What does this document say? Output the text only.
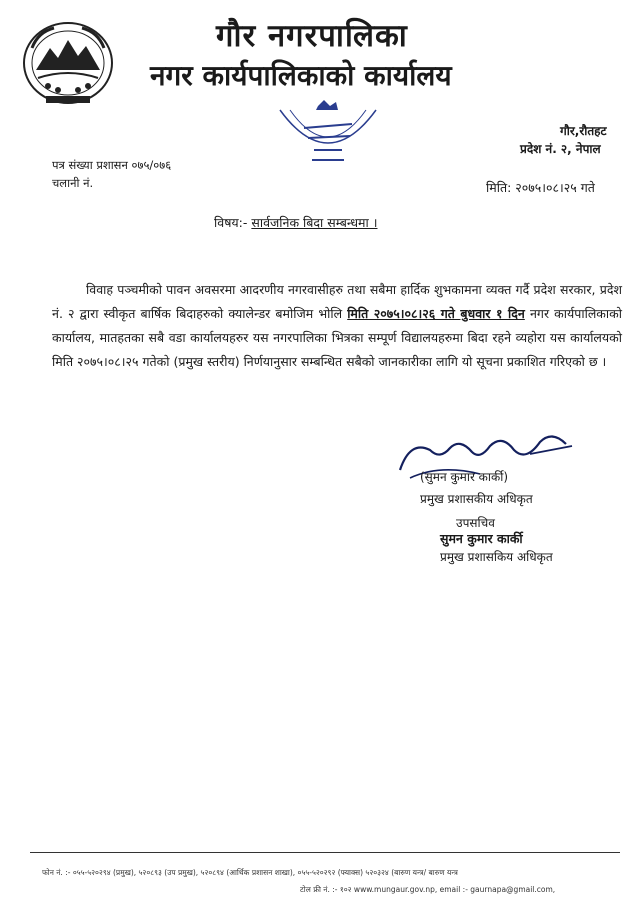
गौर नगरपालिका
नगर कार्यपालिकाको कार्यालय
गौर,रौतहट
प्रदेश नं. २, नेपाल
पत्र संख्या प्रशासन ०७५/०७६
चलानी नं.	मिति: २०७५।०८।२५ गते
विषय:- सार्वजनिक बिदा सम्बन्धमा ।
विवाह पञ्चमीको पावन अवसरमा आदरणीय नगरवासीहरु तथा सबैमा हार्दिक शुभकामना व्यक्त गर्दै प्रदेश सरकार, प्रदेश नं. २ द्वारा स्वीकृत बार्षिक बिदाहरुको क्यालेन्डर बमोजिम भोलि मिति २०७५।०८।२६ गते बुधवार १ दिन नगर कार्यपालिकाको कार्यालय, मातहतका सबै वडा कार्यालयहरुर यस नगरपालिका भित्रका सम्पूर्ण विद्यालयहरुमा बिदा रहने व्यहोरा यस कार्यालयको मिति २०७५।०८।२५ गतेको (प्रमुख स्तरीय) निर्णयानुसार सम्बन्धित सबैको जानकारीका लागि यो सूचना प्रकाशित गरिएको छ ।
(सुमन कुमार कार्की)
प्रमुख प्रशासकीय अधिकृत
उपसचिव
सुमन कुमार कार्की
प्रमुख प्रशासकिय अधिकृत
फोन नं. :- ०५५-५२०२९४ (प्रमुख), ५२०८९३ (उप प्रमुख), ५२०८९४ (आर्थिक प्रशासन शाखा), ०५५-५२०२९२ (फ्याक्स) ५२०३२४ (बारुण यन्त्र/ बारुण यन्त्र
टोल फ्री नं. :- १०२ www.mungaur.gov.np, email :- gaurnapa@gmail.com,
